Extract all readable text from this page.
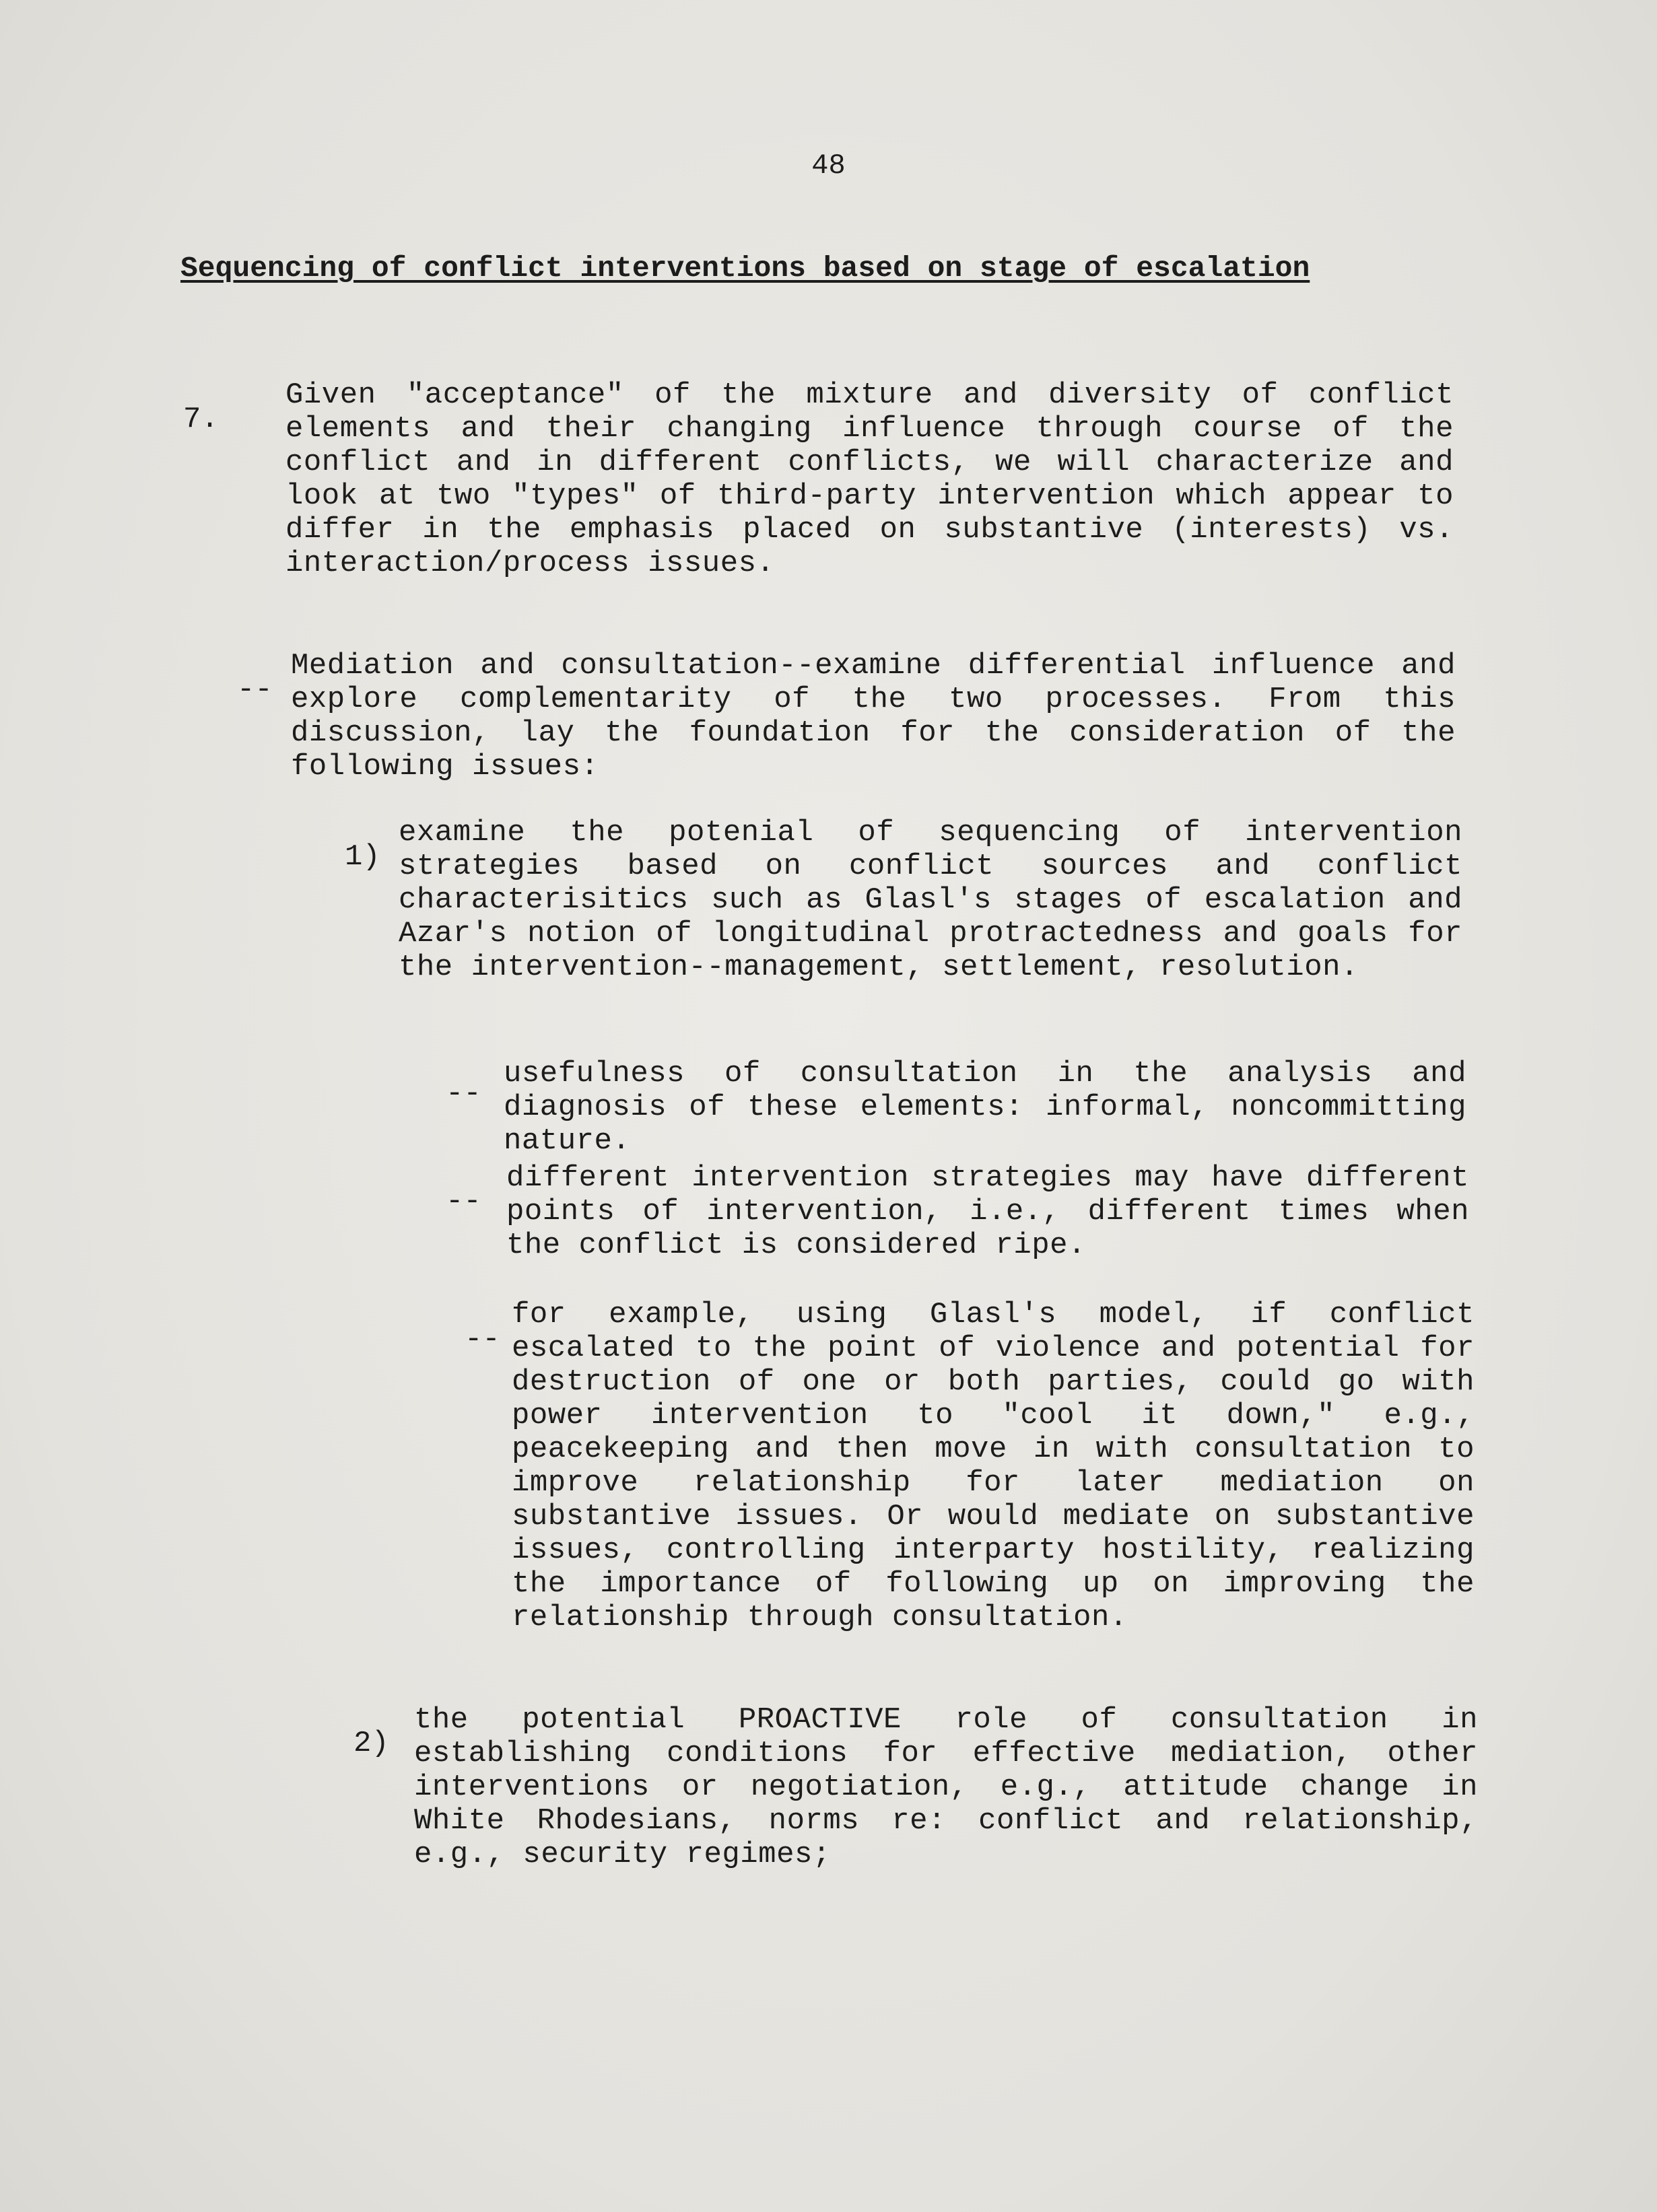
48
Sequencing of conflict interventions based on stage of escalation
7.
Given "acceptance" of the mixture and diversity of conflict elements and their changing influence through course of the conflict and in different conflicts, we will characterize and look at two "types" of third-party intervention which appear to differ in the emphasis placed on substantive (interests) vs. interaction/process issues.
--
Mediation and consultation--examine differential influence and explore complementarity of the two processes. From this discussion, lay the foundation for the consideration of the following issues:
1)
examine the potenial of sequencing of intervention strategies based on conflict sources and conflict characterisitics such as Glasl's stages of escalation and Azar's notion of longitudinal protractedness and goals for the intervention--management, settlement, resolution.
--
usefulness of consultation in the analysis and diagnosis of these elements: informal, noncommitting nature.
--
different intervention strategies may have different points of intervention, i.e., different times when the conflict is considered ripe.
--
for example, using Glasl's model, if conflict escalated to the point of violence and potential for destruction of one or both parties, could go with power intervention to "cool it down," e.g., peacekeeping and then move in with consultation to improve relationship for later mediation on substantive issues. Or would mediate on substantive issues, controlling interparty hostility, realizing the importance of following up on improving the relationship through consultation.
2)
the potential PROACTIVE role of consultation in establishing conditions for effective mediation, other interventions or negotiation, e.g., attitude change in White Rhodesians, norms re: conflict and relationship, e.g., security regimes;
